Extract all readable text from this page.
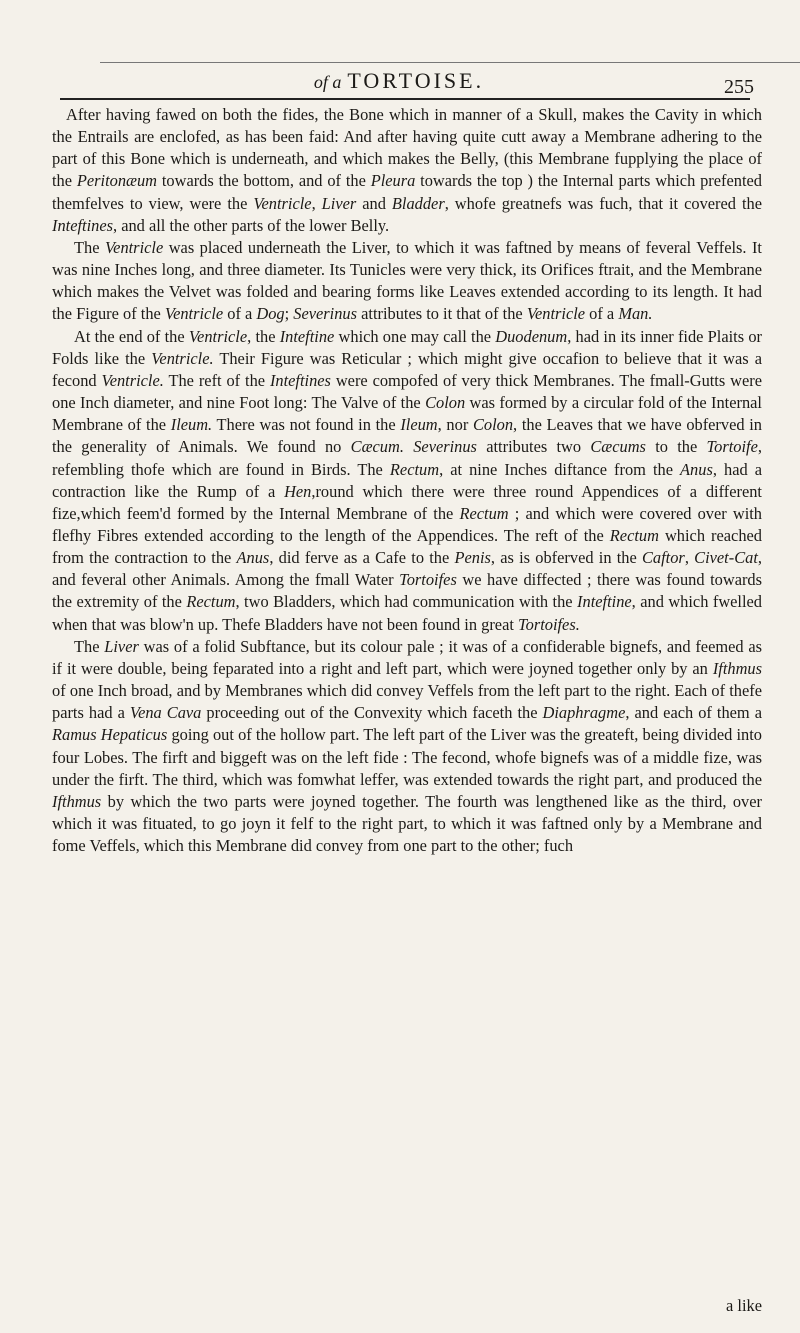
of a TORTOISE.	255

After having fawed on both the fides, the Bone which in manner of a Skull, makes the Cavity in which the Entrails are enclofed, as has been faid: And after having quite cutt away a Membrane adhering to the part of this Bone which is underneath, and which makes the Belly, (this Membrane fupplying the place of the Peritonæum towards the bottom, and of the Pleura towards the top ) the Internal parts which prefented themfelves to view, were the Ventricle, Liver and Bladder, whofe greatnefs was fuch, that it covered the Inteftines, and all the other parts of the lower Belly.

The Ventricle was placed underneath the Liver, to which it was faftned by means of feveral Veffels. It was nine Inches long, and three diameter. Its Tunicles were very thick, its Orifices ftrait, and the Membrane which makes the Velvet was folded and bearing forms like Leaves extended according to its length. It had the Figure of the Ventricle of a Dog; Severinus attributes to it that of the Ventricle of a Man.

At the end of the Ventricle, the Inteftine which one may call the Duodenum, had in its inner fide Plaits or Folds like the Ventricle. Their Figure was Reticular ; which might give occafion to believe that it was a fecond Ventricle. The reft of the Inteftines were compofed of very thick Membranes. The fmall-Gutts were one Inch diameter, and nine Foot long: The Valve of the Colon was formed by a circular fold of the Internal Membrane of the Ileum. There was not found in the Ileum, nor Colon, the Leaves that we have obferved in the generality of Animals. We found no Cæcum. Severinus attributes two Cæcums to the Tortoife, refembling thofe which are found in Birds. The Rectum, at nine Inches diftance from the Anus, had a contraction like the Rump of a Hen,round which there were three round Appendices of a different fize,which feem'd formed by the Internal Membrane of the Rectum ; and which were covered over with flefhy Fibres extended according to the length of the Appendices. The reft of the Rectum which reached from the contraction to the Anus, did ferve as a Cafe to the Penis, as is obferved in the Caftor, Civet-Cat, and feveral other Animals. Among the fmall Water Tortoifes we have diffected ; there was found towards the extremity of the Rectum, two Bladders, which had communication with the Inteftine, and which fwelled when that was blow'n up. Thefe Bladders have not been found in great Tortoifes.

The Liver was of a folid Subftance, but its colour pale ; it was of a confiderable bignefs, and feemed as if it were double, being feparated into a right and left part, which were joyned together only by an Ifthmus of one Inch broad, and by Membranes which did convey Veffels from the left part to the right. Each of thefe parts had a Vena Cava proceeding out of the Convexity which faceth the Diaphragme, and each of them a Ramus Hepaticus going out of the hollow part. The left part of the Liver was the greateft, being divided into four Lobes. The firft and biggeft was on the left fide : The fecond, whofe bignefs was of a middle fize, was under the firft. The third, which was fomwhat leffer, was extended towards the right part, and produced the Ifthmus by which the two parts were joyned together. The fourth was lengthened like as the third, over which it was fituated, to go joyn it felf to the right part, to which it was faftned only by a Membrane and fome Veffels, which this Membrane did convey from one part to the other; fuch

a like
